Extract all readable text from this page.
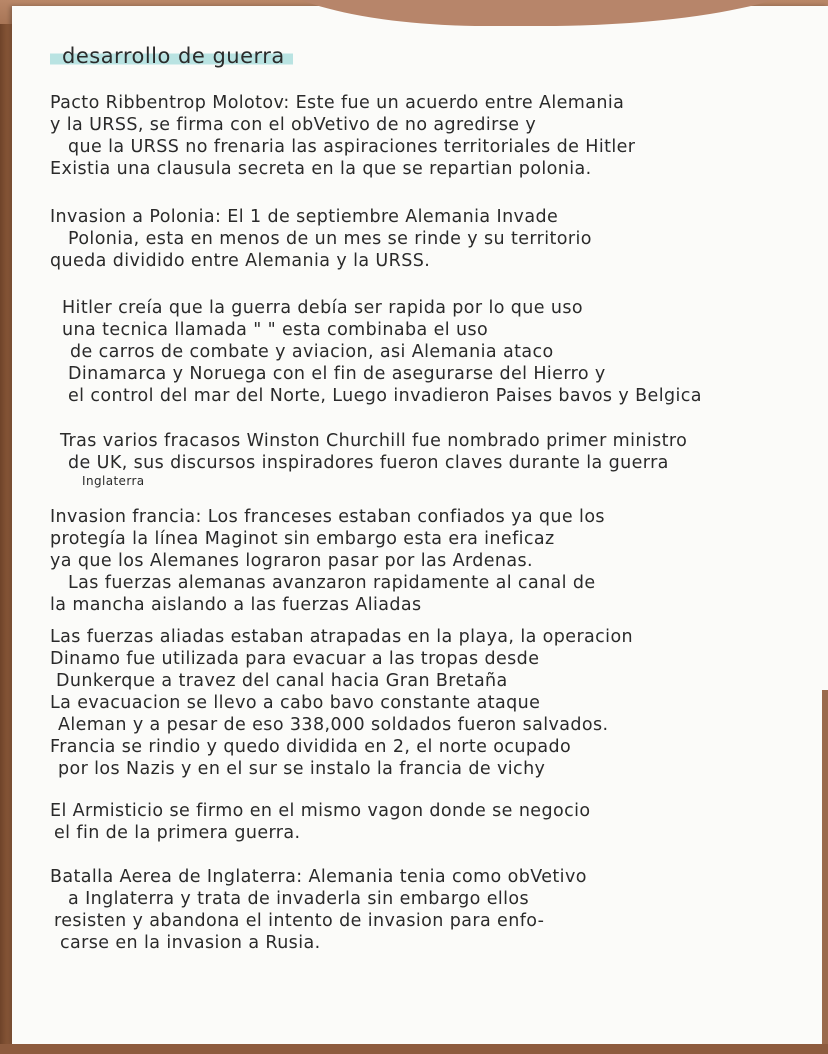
desarrollo de guerra
Pacto Ribbentrop Molotov: Este fue un acuerdo entre Alemania
y la URSS, se firma con el obVetivo de no agredirse y
que la URSS no frenaria las aspiraciones territoriales de Hitler
Existia una clausula secreta en la que se repartian polonia.
Invasion a Polonia: El 1 de septiembre Alemania Invade
Polonia, esta en menos de un mes se rinde y su territorio
queda dividido entre Alemania y la URSS.
Hitler creía que la guerra debía ser rapida por lo que uso
una tecnica llamada " " esta combinaba el uso
de carros de combate y aviacion, asi Alemania ataco
Dinamarca y Noruega con el fin de asegurarse del Hierro y
el control del mar del Norte, Luego invadieron Paises bavos y Belgica
Tras varios fracasos Winston Churchill fue nombrado primer ministro
de UK, sus discursos inspiradores fueron claves durante la guerra
Inglaterra
Invasion francia: Los franceses estaban confiados ya que los
protegía la línea Maginot sin embargo esta era ineficaz
ya que los Alemanes lograron pasar por las Ardenas.
Las fuerzas alemanas avanzaron rapidamente al canal de
la mancha aislando a las fuerzas Aliadas
Las fuerzas aliadas estaban atrapadas en la playa, la operacion
Dinamo fue utilizada para evacuar a las tropas desde
Dunkerque a travez del canal hacia Gran Bretaña
La evacuacion se llevo a cabo bavo constante ataque
Aleman y a pesar de eso 338,000 soldados fueron salvados.
Francia se rindio y quedo dividida en 2, el norte ocupado
por los Nazis y en el sur se instalo la francia de vichy
El Armisticio se firmo en el mismo vagon donde se negocio
el fin de la primera guerra.
Batalla Aerea de Inglaterra: Alemania tenia como obVetivo
a Inglaterra y trata de invaderla sin embargo ellos
resisten y abandona el intento de invasion para enfo-
carse en la invasion a Rusia.
